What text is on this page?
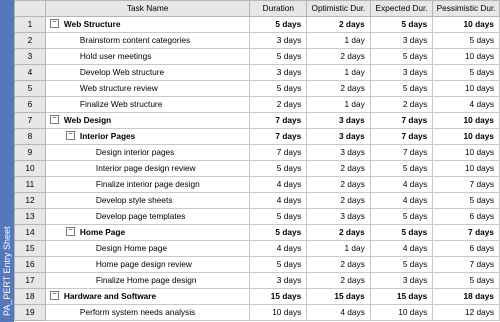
PA_PERT Entry Sheet
	Task Name	Duration	Optimistic Dur.	Expected Dur.	Pessimistic Dur.
1	− Web Structure	5 days	2 days	5 days	10 days
2	Brainstorm content categories	3 days	1 day	3 days	5 days
3	Hold user meetings	5 days	2 days	5 days	10 days
4	Develop Web structure	3 days	1 day	3 days	5 days
5	Web structure review	5 days	2 days	5 days	10 days
6	Finalize Web structure	2 days	1 day	2 days	4 days
7	− Web Design	7 days	3 days	7 days	10 days
8	− Interior Pages	7 days	3 days	7 days	10 days
9	Design interior pages	7 days	3 days	7 days	10 days
10	Interior page design review	5 days	2 days	5 days	10 days
11	Finalize interior page design	4 days	2 days	4 days	7 days
12	Develop style sheets	4 days	2 days	4 days	5 days
13	Develop page templates	5 days	3 days	5 days	6 days
14	− Home Page	5 days	2 days	5 days	7 days
15	Design Home page	4 days	1 day	4 days	6 days
16	Home page design review	5 days	2 days	5 days	7 days
17	Finalize Home page design	3 days	2 days	3 days	5 days
18	− Hardware and Software	15 days	15 days	15 days	18 days
19	Perform system needs analysis	10 days	4 days	10 days	12 days
